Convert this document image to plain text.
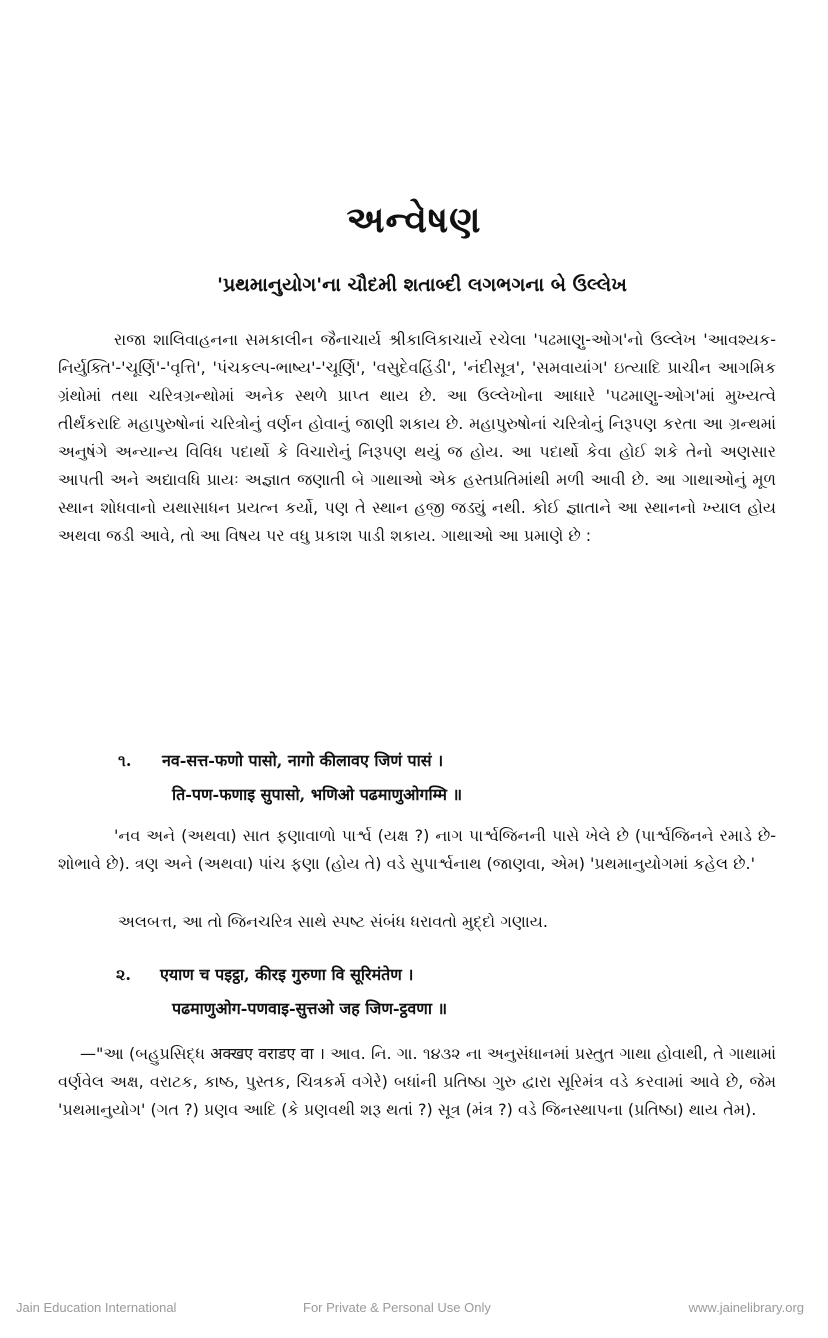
અન્વેષણ
'પ્રથમાનુયોગ'ના ચૌદમી શતાબ્દી લગભગના બે ઉલ્લેખ
રાજા શાલિવાહનના સમકાલીન જૈનાચાર્ય શ્રીકાલિકાચાર્યે રચેલા 'પઢમાણુ-ઓગ'નો ઉલ્લેખ 'આવશ્યક-નિર્યુક્તિ'-'ચૂર્ણિ'-'વૃત્તિ', 'પંચકલ્પ-ભાષ્ય'-'ચૂર્ણિ', 'વસુદેવહિંડી', 'નંદીસૂત્ર', 'સમવાયાંગ' ઇત્યાદિ પ્રાચીન આગમિક ગ્રંથોમાં તથા ચરિત્રગ્રન્થોમાં અનેક સ્થળે પ્રાપ્ત થાય છે. આ ઉલ્લેખોના આધારે 'પઢમાણુ-ઓગ'માં મુખ્યત્વે તીર્થંકરાદિ મહાપુરુષોનાં ચરિત્રોનું વર્ણન હોવાનું જાણી શકાય છે. મહાપુરુષોનાં ચરિત્રોનું નિરૂપણ કરતા આ ગ્રન્થમાં અનુષંગે અન્યાન્ય વિવિધ પદાર્થો કે વિચારોનું નિરૂપણ થયું જ હોય. આ પદાર્થો કેવા હોઈ શકે તેનો અણસાર આપતી અને અદ્યાવધિ પ્રાયઃ અજ્ઞાત જણાતી બે ગાથાઓ એક હસ્તપ્રતિમાંથી મળી આવી છે. આ ગાથાઓનું મૂળ સ્થાન શોધવાનો યથાસાધન પ્રયત્ન કર્યો, પણ તે સ્થાન હજી જડ્યું નથી. કોઈ જ્ઞાતાને આ સ્થાનનો ખ્યાલ હોય અથવા જડી આવે, તો આ વિષય પર વધુ પ્રકાશ પાડી શકાય. ગાથાઓ આ પ્રમાણે છે :
૧. नव-सत्त-फणो पासो, नागो कीलावए जिणं पासं ।
ति-पण-फणाइ सुपासो, भणिओ पढमाणुओगम्मि ॥
'નવ અને (અથવા) સાત ફણાવાળો પાર્શ્વ (યક્ષ ?) નાગ પાર્શ્વજિનની પાસે ખેલે છે (પાર્શ્વજિનને રમાડે છે-શોભાવે છે). ત્રણ અને (અથવા) પાંચ ફણા (હોય તે) વડે સુપાર્શ્વનાથ (જાણવા, એમ) 'પ્રથમાનુયોગમાં કહેલ છે.'
અલબત્ત, આ તો જિનચરિત્ર સાથે સ્પષ્ટ સંબંધ ધરાવતો મુદ્દો ગણાય.
૨. एयाण च पइट्ठा, कीरइ गुरुणा वि सूरिमंतेण ।
पढमाणुओग-पणवाइ-सुत्तओ जह जिण-ट्ठवणा ॥
—"આ (બહુપ્રસિદ્ધ अक्खए वराडए वा । આવ. નિ. ગા. ૧૪૩૨ ના અનુસંધાનમાં પ્રસ્તુત ગાથા હોવાથી, તે ગાથામાં વર્ણવેલ અક્ષ, વરાટક, કાષ્ઠ, પુસ્તક, ચિત્રકર્મ વગેરે) બધાંની પ્રતિષ્ઠા ગુરુ દ્વારા સૂરિમંત્ર વડે કરવામાં આવે છે, જેમ 'પ્રથમાનુયોગ' (ગત ?) પ્રણવ આદિ (કે પ્રણવથી શરૂ થતાં ?) સૂત્ર (મંત્ર ?) વડે જિનસ્થાપના (પ્રતિષ્ઠા) થાય તેમ).
Jain Education International	For Private & Personal Use Only	www.jainelibrary.org
